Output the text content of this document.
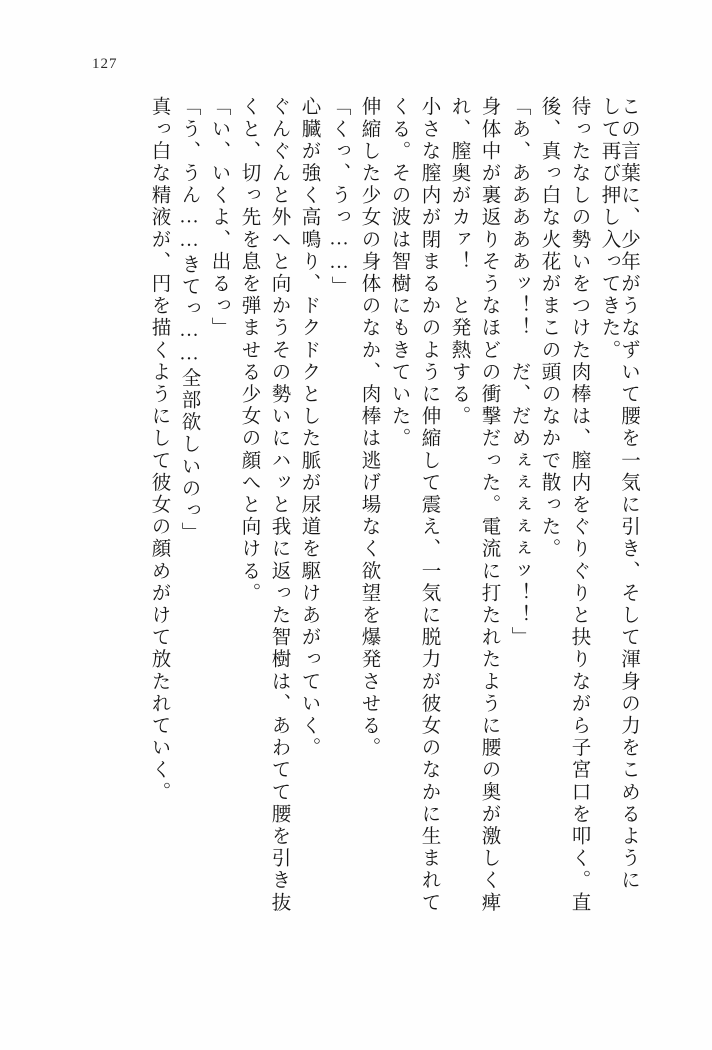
127
この言葉に、少年がうなずいて腰を一気に引き、そして渾身の力をこめるように
して再び押し入ってきた。
待ったなしの勢いをつけた肉棒は、膣内をぐりぐりと抉りながら子宮口を叩く。直
後、真っ白な火花がまこの頭のなかで散った。
「あ、あああああッ！！　だ、だめぇぇぇぇぇッ！！」
身体中が裏返りそうなほどの衝撃だった。電流に打たれたように腰の奥が激しく痺
れ、膣奥がカァ！　と発熱する。
小さな膣内が閉まるかのように伸縮して震え、一気に脱力が彼女のなかに生まれて
くる。その波は智樹にもきていた。
伸縮した少女の身体のなか、肉棒は逃げ場なく欲望を爆発させる。
「くっ、うっ……」
心臓が強く高鳴り、ドクドクとした脈が尿道を駆けあがっていく。
ぐんぐんと外へと向かうその勢いにハッと我に返った智樹は、あわてて腰を引き抜
くと、切っ先を息を弾ませる少女の顔へと向ける。
「い、いくよ、出るっ」
「う、うん……きてっ……全部欲しいのっ」
真っ白な精液が、円を描くようにして彼女の顔めがけて放たれていく。
